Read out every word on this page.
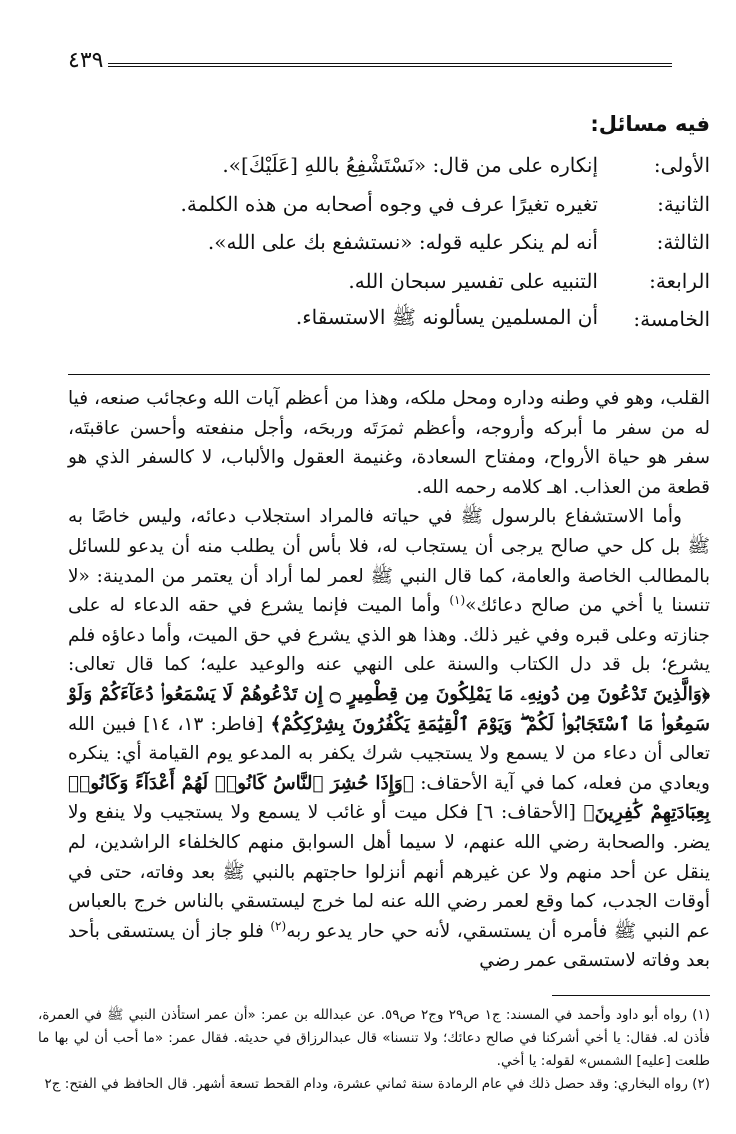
٤٣٩
فيه مسائل:
الأولى:
إنكاره على من قال: «نَسْتَشْفِعُ باللهِ [عَلَيْكَ]».
الثانية:
تغيره تغيرًا عرف في وجوه أصحابه من هذه الكلمة.
الثالثة:
أنه لم ينكر عليه قوله: «نستشفع بك على الله».
الرابعة:
التنبيه على تفسير سبحان الله.
الخامسة:
أن المسلمين يسألونه ﷺ الاستسقاء.

القلب، وهو في وطنه وداره ومحل ملكه، وهذا من أعظم آيات الله وعجائب صنعه، فيا له من سفر ما أبركه وأروجه، وأعظم ثمرَتَه وربحَه، وأجل منفعته وأحسن عاقبتَه، سفر هو حياة الأرواح، ومفتاح السعادة، وغنيمة العقول والألباب، لا كالسفر الذي هو قطعة من العذاب. اهـ كلامه رحمه الله.

وأما الاستشفاع بالرسول ﷺ في حياته فالمراد استجلاب دعائه، وليس خاصًا به ﷺ بل كل حي صالح يرجى أن يستجاب له، فلا بأس أن يطلب منه أن يدعو للسائل بالمطالب الخاصة والعامة، كما قال النبي ﷺ لعمر لما أراد أن يعتمر من المدينة: «لا تنسنا يا أخي من صالح دعائك»$^{(١)}$ وأما الميت فإنما يشرع في حقه الدعاء له على جنازته وعلى قبره وفي غير ذلك. وهذا هو الذي يشرع في حق الميت، وأما دعاؤه فلم يشرع؛ بل قد دل الكتاب والسنة على النهي عنه والوعيد عليه؛ كما قال تعالى: ﴿وَالَّذِينَ تَدْعُونَ مِن دُونِهِۦ مَا يَمْلِكُونَ مِن قِطْمِيرٍ ۝ إِن تَدْعُوهُمْ لَا يَسْمَعُوا۟ دُعَآءَكُمْ وَلَوْ سَمِعُوا۟ مَا ٱسْتَجَابُوا۟ لَكُمْ ۖ وَيَوْمَ ٱلْقِيَٰمَةِ يَكْفُرُونَ بِشِرْكِكُمْ﴾ [فاطر: ١٣، ١٤] فبين الله تعالى أن دعاء من لا يسمع ولا يستجيب شرك يكفر به المدعو يوم القيامة أي: ينكره ويعادي من فعله، كما في آية الأحقاف: ﴿وَإِذَا حُشِرَ ٱلنَّاسُ كَانُوا۟ لَهُمْ أَعْدَآءً وَكَانُوا۟ بِعِبَادَتِهِمْ كَٰفِرِينَ﴾ [الأحقاف: ٦] فكل ميت أو غائب لا يسمع ولا يستجيب ولا ينفع ولا يضر. والصحابة رضي الله عنهم، لا سيما أهل السوابق منهم كالخلفاء الراشدين، لم ينقل عن أحد منهم ولا عن غيرهم أنهم أنزلوا حاجتهم بالنبي ﷺ بعد وفاته، حتى في أوقات الجدب، كما وقع لعمر رضي الله عنه لما خرج ليستسقي بالناس خرج بالعباس عم النبي ﷺ فأمره أن يستسقي، لأنه حي حار يدعو ربه$^{(٢)}$ فلو جاز أن يستسقى بأحد بعد وفاته لاستسقى عمر رضي

(١) رواه أبو داود وأحمد في المسند: ج١ ص٢٩ وج٢ ص٥٩. عن عبدالله بن عمر: «أن عمر استأذن النبي ﷺ في العمرة، فأذن له. فقال: يا أخي أشركنا في صالح دعائك؛ ولا تنسنا» قال عبدالرزاق في حديثه. فقال عمر: «ما أحب أن لي بها ما طلعت [عليه] الشمس» لقوله: يا أخي.

(٢) رواه البخاري: وقد حصل ذلك في عام الرمادة سنة ثماني عشرة، ودام القحط تسعة أشهر. قال الحافظ في الفتح: ج٢
